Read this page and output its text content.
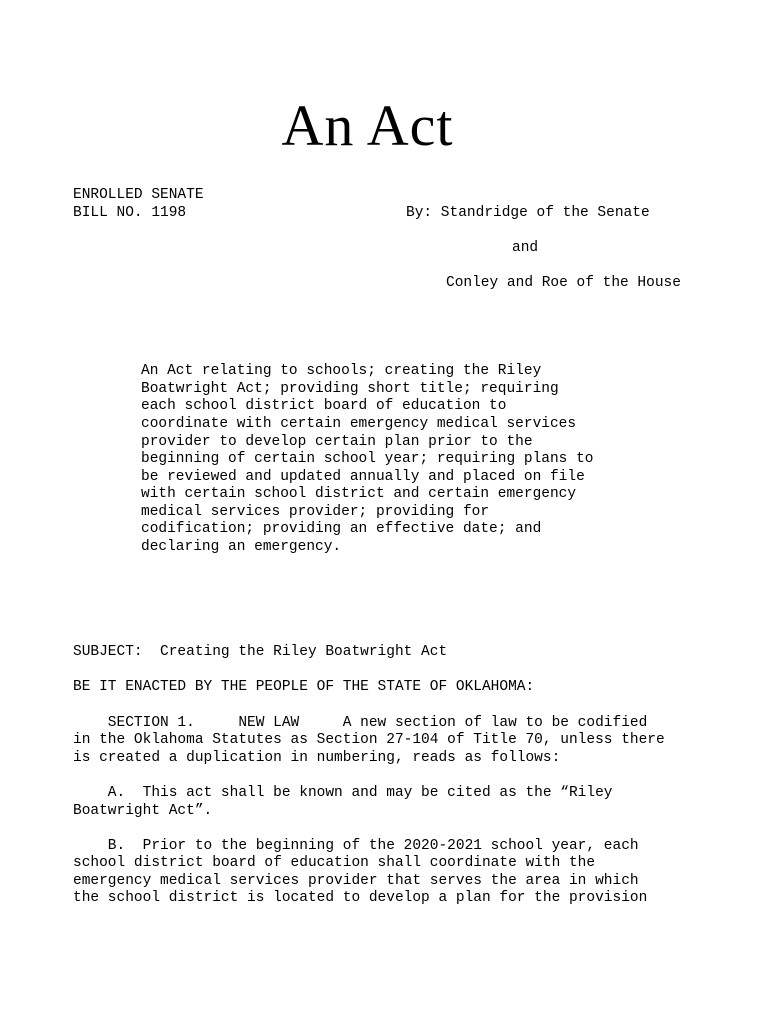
An Act
ENROLLED SENATE
BILL NO. 1198	By: Standridge of the Senate
and
Conley and Roe of the House
An Act relating to schools; creating the Riley
Boatwright Act; providing short title; requiring
each school district board of education to
coordinate with certain emergency medical services
provider to develop certain plan prior to the
beginning of certain school year; requiring plans to
be reviewed and updated annually and placed on file
with certain school district and certain emergency
medical services provider; providing for
codification; providing an effective date; and
declaring an emergency.
SUBJECT:  Creating the Riley Boatwright Act
BE IT ENACTED BY THE PEOPLE OF THE STATE OF OKLAHOMA:
SECTION 1.     NEW LAW     A new section of law to be codified
in the Oklahoma Statutes as Section 27-104 of Title 70, unless there
is created a duplication in numbering, reads as follows:
A.  This act shall be known and may be cited as the “Riley
Boatwright Act”.
B.  Prior to the beginning of the 2020-2021 school year, each
school district board of education shall coordinate with the
emergency medical services provider that serves the area in which
the school district is located to develop a plan for the provision
